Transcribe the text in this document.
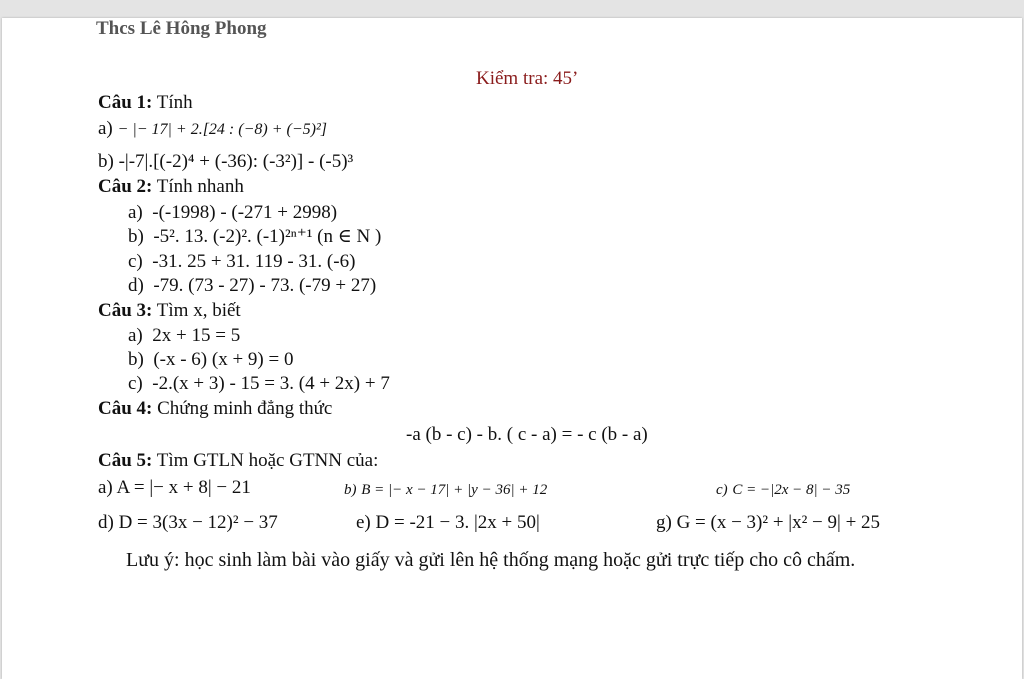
Thcs Lê Hông Phong
Kiểm tra: 45’
Câu 1: Tính
a) − |− 17| + 2.[24 : (−8) + (−5)²]
b) -|-7|.[(-2)⁴ + (-36): (-3²)] - (-5)³
Câu 2: Tính nhanh
a) -(-1998) - (-271 + 2998)
b) -5². 13. (-2)². (-1)²ⁿ⁺¹ (n ∈ N )
c) -31. 25 + 31. 119 - 31. (-6)
d) -79. (73 - 27) - 73. (-79 + 27)
Câu 3: Tìm x, biết
a) 2x + 15 = 5
b) (-x - 6) (x + 9) = 0
c) -2.(x + 3) - 15 = 3. (4 + 2x) + 7
Câu 4: Chứng minh đẳng thức
-a (b - c) - b. ( c - a) = - c (b - a)
Câu 5: Tìm GTLN hoặc GTNN của:
a) A = |− x + 8| − 21	b) B = |− x − 17| + |y − 36| + 12	c) C = −|2x − 8| − 35
d) D = 3(3x − 12)² − 37	e) D = -21 − 3. |2x + 50|	g) G = (x − 3)² + |x² − 9| + 25
Lưu ý: học sinh làm bài vào giấy và gửi lên hệ thống mạng hoặc gửi trực tiếp cho cô chấm.
